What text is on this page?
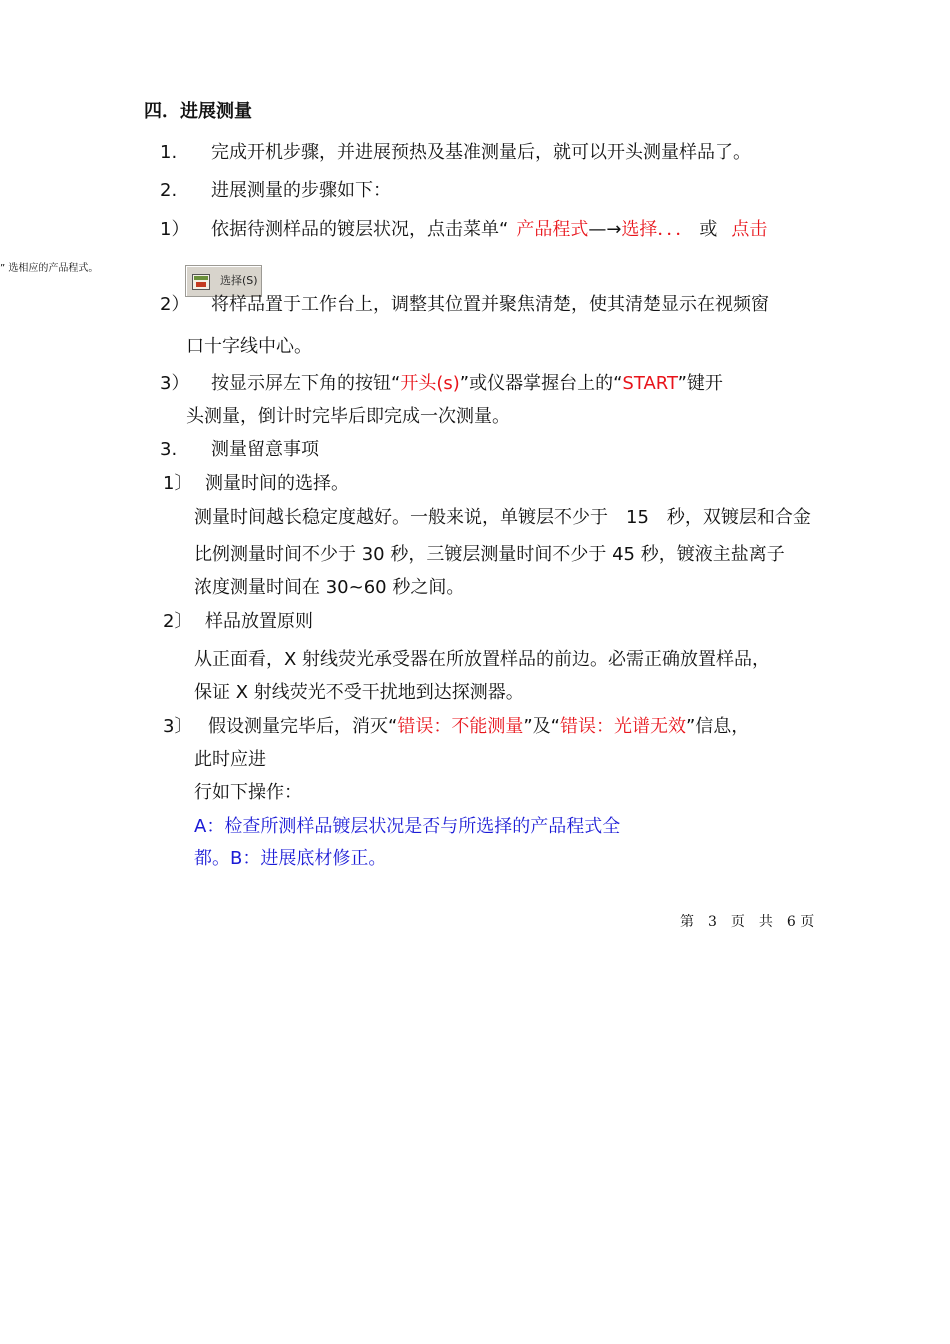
四．进展测量
1. 完成开机步骤，并进展预热及基准测量后，就可以开头测量样品了。
2. 进展测量的步骤如下：
1） 依据待测样品的镀层状况，点击菜单“ 产品程式—→选择．．． 或 点击
” 选相应的产品程式。
选择(S)
2） 将样品置于工作台上，调整其位置并聚焦清楚，使其清楚显示在视频窗
口十字线中心。
3） 按显示屏左下角的按钮“开头(s)”或仪器掌握台上的“START”键开
头测量，倒计时完毕后即完成一次测量。
3. 测量留意事项
1〕 测量时间的选择。
测量时间越长稳定度越好。一般来说，单镀层不少于　15　秒，双镀层和合金
比例测量时间不少于 30 秒，三镀层测量时间不少于 45 秒，镀液主盐离子
浓度测量时间在 30~60 秒之间。
2〕 样品放置原则
从正面看，X 射线荧光承受器在所放置样品的前边。必需正确放置样品，
保证 X 射线荧光不受干扰地到达探测器。
3〕 假设测量完毕后，消灭“错误：不能测量”及“错误：光谱无效”信息，
此时应进
行如下操作：
A：检查所测样品镀层状况是否与所选择的产品程式全
都。B：进展底材修正。
第　3　页　共　6 页
